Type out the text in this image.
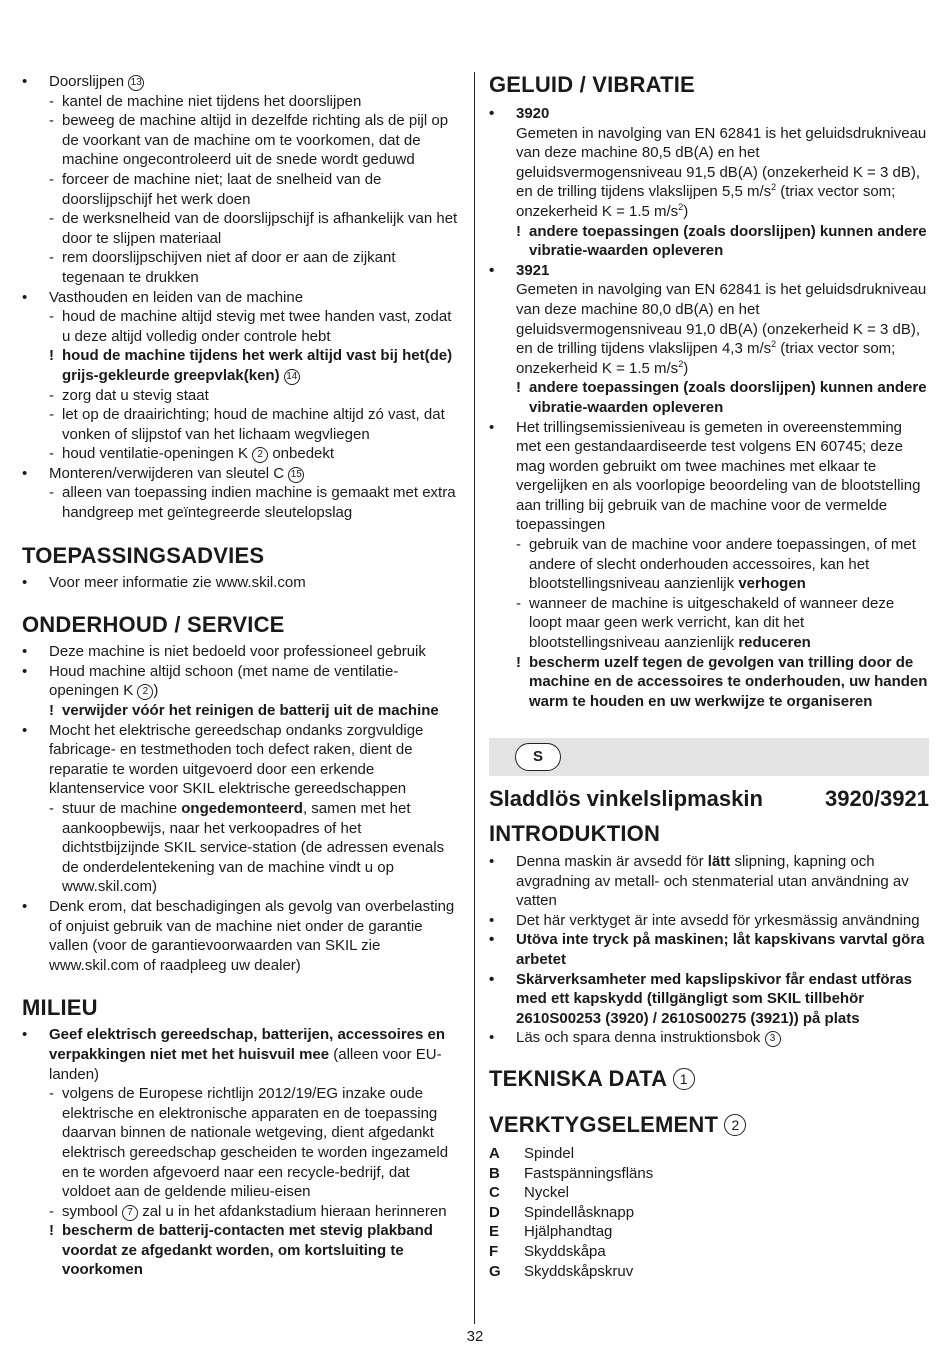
• Doorslijpen 13
- kantel de machine niet tijdens het doorslijpen
- beweeg de machine altijd in dezelfde richting als de pijl op de voorkant van de machine om te voorkomen, dat de machine ongecontroleerd uit de snede wordt geduwd
- forceer de machine niet; laat de snelheid van de doorslijpschijf het werk doen
- de werksnelheid van de doorslijpschijf is afhankelijk van het door te slijpen materiaal
- rem doorslijpschijven niet af door er aan de zijkant tegenaan te drukken
• Vasthouden en leiden van de machine
- houd de machine altijd stevig met twee handen vast, zodat u deze altijd volledig onder controle hebt
! houd de machine tijdens het werk altijd vast bij het(de) grijs-gekleurde greepvlak(ken) 14
- zorg dat u stevig staat
- let op de draairichting; houd de machine altijd zó vast, dat vonken of slijpstof van het lichaam wegvliegen
- houd ventilatie-openingen K 2 onbedekt
• Monteren/verwijderen van sleutel C 15
- alleen van toepassing indien machine is gemaakt met extra handgreep met geïntegreerde sleutelopslag
TOEPASSINGSADVIES
• Voor meer informatie zie www.skil.com
ONDERHOUD / SERVICE
• Deze machine is niet bedoeld voor professioneel gebruik
• Houd machine altijd schoon (met name de ventilatie-openingen K 2 )
! verwijder vóór het reinigen de batterij uit de machine
• Mocht het elektrische gereedschap ondanks zorgvuldige fabricage- en testmethoden toch defect raken, dient de reparatie te worden uitgevoerd door een erkende klantenservice voor SKIL elektrische gereedschappen
- stuur de machine ongedemonteerd, samen met het aankoopbewijs, naar het verkoopadres of het dichtstbijzijnde SKIL service-station (de adressen evenals de onderdelentekening van de machine vindt u op www.skil.com)
• Denk erom, dat beschadigingen als gevolg van overbelasting of onjuist gebruik van de machine niet onder de garantie vallen (voor de garantievoorwaarden van SKIL zie www.skil.com of raadpleeg uw dealer)
MILIEU
• Geef elektrisch gereedschap, batterijen, accessoires en verpakkingen niet met het huisvuil mee (alleen voor EU-landen)
- volgens de Europese richtlijn 2012/19/EG inzake oude elektrische en elektronische apparaten en de toepassing daarvan binnen de nationale wetgeving, dient afgedankt elektrisch gereedschap gescheiden te worden ingezameld en te worden afgevoerd naar een recycle-bedrijf, dat voldoet aan de geldende milieu-eisen
- symbool 7 zal u in het afdankstadium hieraan herinneren
! bescherm de batterij-contacten met stevig plakband voordat ze afgedankt worden, om kortsluiting te voorkomen
GELUID / VIBRATIE
• 3920
Gemeten in navolging van EN 62841 is het geluidsdrukniveau van deze machine 80,5 dB(A) en het geluidsvermogensniveau 91,5 dB(A) (onzekerheid K = 3 dB), en de trilling tijdens vlakslijpen 5,5 $m/s^2$ (triax vector som; onzekerheid K = 1.5 $m/s^2$)
! andere toepassingen (zoals doorslijpen) kunnen andere vibratie-waarden opleveren
• 3921
Gemeten in navolging van EN 62841 is het geluidsdrukniveau van deze machine 80,0 dB(A) en het geluidsvermogensniveau 91,0 dB(A) (onzekerheid K = 3 dB), en de trilling tijdens vlakslijpen 4,3 $m/s^2$ (triax vector som; onzekerheid K = 1.5 $m/s^2$)
! andere toepassingen (zoals doorslijpen) kunnen andere vibratie-waarden opleveren
• Het trillingsemissieniveau is gemeten in overeenstemming met een gestandaardiseerde test volgens EN 60745; deze mag worden gebruikt om twee machines met elkaar te vergelijken en als voorlopige beoordeling van de blootstelling aan trilling bij gebruik van de machine voor de vermelde toepassingen
- gebruik van de machine voor andere toepassingen, of met andere of slecht onderhouden accessoires, kan het blootstellingsniveau aanzienlijk verhogen
- wanneer de machine is uitgeschakeld of wanneer deze loopt maar geen werk verricht, kan dit het blootstellingsniveau aanzienlijk reduceren
! bescherm uzelf tegen de gevolgen van trilling door de machine en de accessoires te onderhouden, uw handen warm te houden en uw werkwijze te organiseren
S
Sladdlös vinkelslipmaskin	3920/3921
INTRODUKTION
• Denna maskin är avsedd för lätt slipning, kapning och avgradning av metall- och stenmaterial utan användning av vatten
• Det här verktyget är inte avsedd för yrkesmässig användning
• Utöva inte tryck på maskinen; låt kapskivans varvtal göra arbetet
• Skärverksamheter med kapslipskivor får endast utföras med ett kapskydd (tillgängligt som SKIL tillbehör 2610S00253 (3920) / 2610S00275 (3921)) på plats
• Läs och spara denna instruktionsbok 3
TEKNISKA DATA 1
VERKTYGSELEMENT 2
A	Spindel
B	Fastspänningsfläns
C	Nyckel
D	Spindellåsknapp
E	Hjälphandtag
F	Skyddskåpa
G	Skyddskåpskruv
32
